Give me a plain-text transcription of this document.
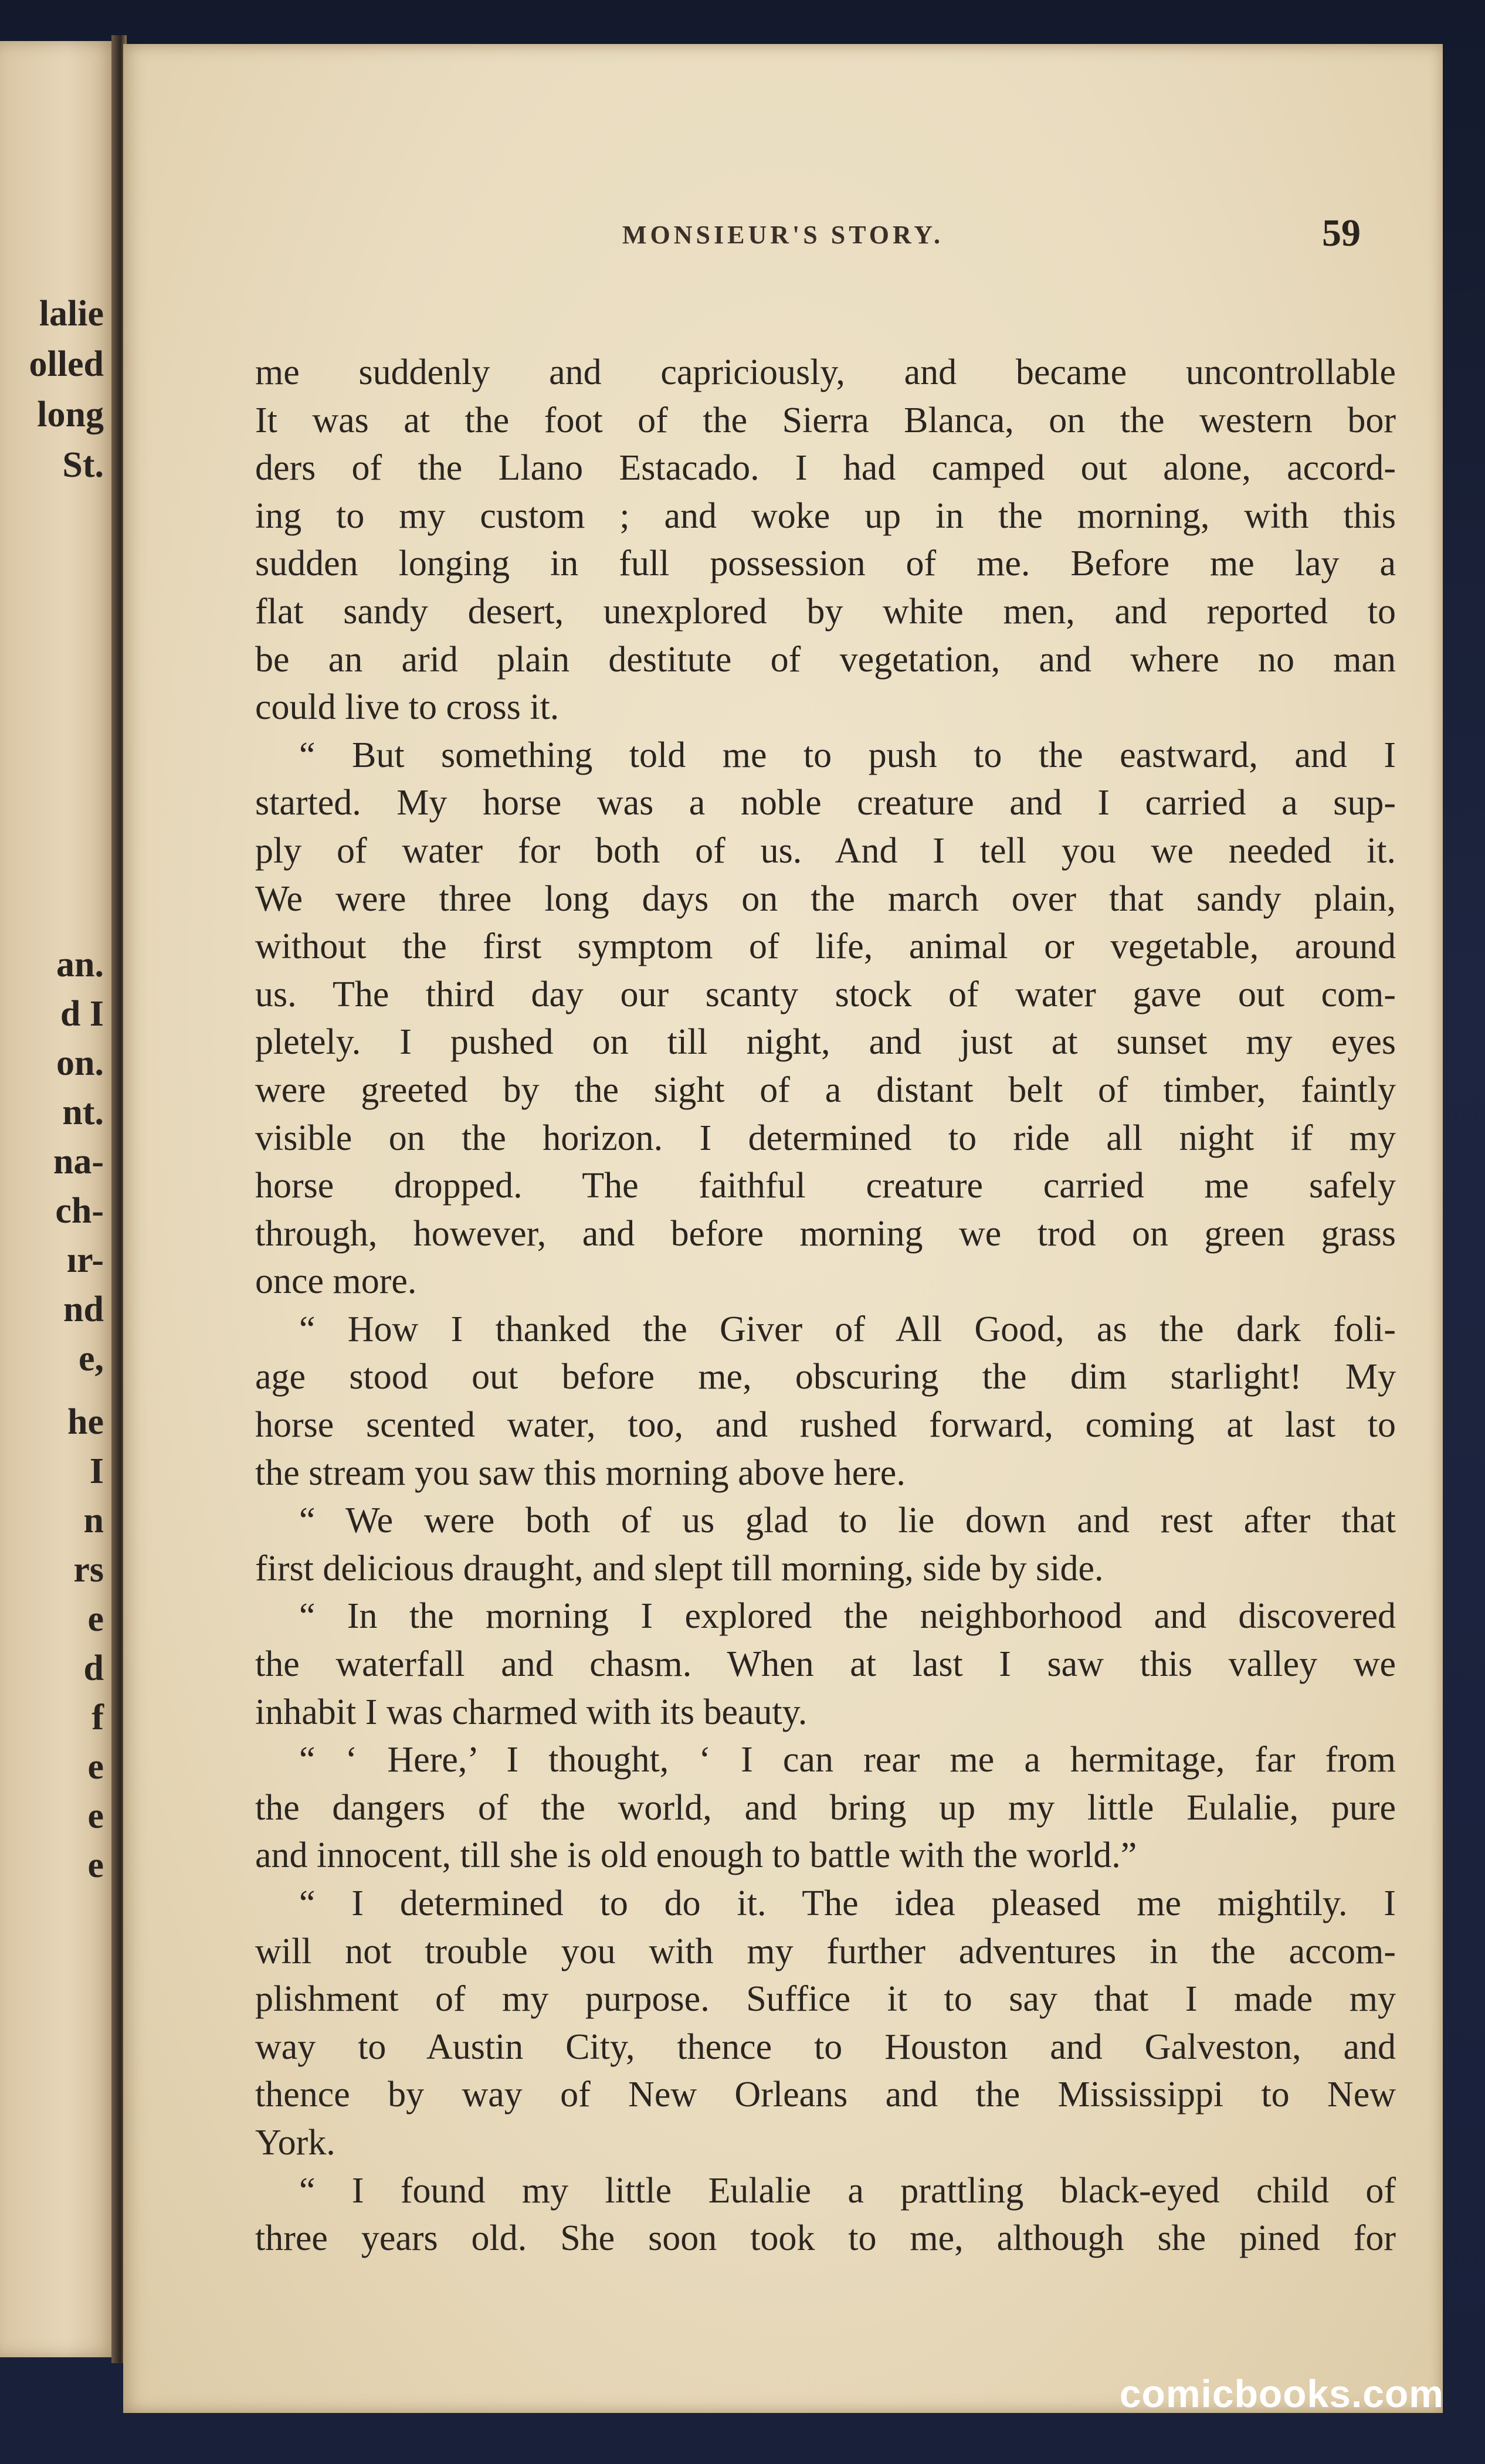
lalie
olled
long
St.
an.
d I
on.
nt.
na-
ch-
ır-
nd
e,
he
I
n
rs
e
d
f
e
e
e
MONSIEUR'S STORY.	59
me suddenly and capriciously, and became uncontrollable
It was at the foot of the Sierra Blanca, on the western bor
ders of the Llano Estacado. I had camped out alone, accord-
ing to my custom ; and woke up in the morning, with this
sudden longing in full possession of me. Before me lay a
flat sandy desert, unexplored by white men, and reported to
be an arid plain destitute of vegetation, and where no man
could live to cross it.
“ But something told me to push to the eastward, and I
started. My horse was a noble creature and I carried a sup-
ply of water for both of us. And I tell you we needed it.
We were three long days on the march over that sandy plain,
without the first symptom of life, animal or vegetable, around
us. The third day our scanty stock of water gave out com-
pletely. I pushed on till night, and just at sunset my eyes
were greeted by the sight of a distant belt of timber, faintly
visible on the horizon. I determined to ride all night if my
horse dropped. The faithful creature carried me safely
through, however, and before morning we trod on green grass
once more.
“ How I thanked the Giver of All Good, as the dark foli-
age stood out before me, obscuring the dim starlight! My
horse scented water, too, and rushed forward, coming at last to
the stream you saw this morning above here.
“ We were both of us glad to lie down and rest after that
first delicious draught, and slept till morning, side by side.
“ In the morning I explored the neighborhood and discovered
the waterfall and chasm. When at last I saw this valley we
inhabit I was charmed with its beauty.
“ ‘ Here,’ I thought, ‘ I can rear me a hermitage, far from
the dangers of the world, and bring up my little Eulalie, pure
and innocent, till she is old enough to battle with the world.”
“ I determined to do it. The idea pleased me mightily. I
will not trouble you with my further adventures in the accom-
plishment of my purpose. Suffice it to say that I made my
way to Austin City, thence to Houston and Galveston, and
thence by way of New Orleans and the Mississippi to New
York.
“ I found my little Eulalie a prattling black-eyed child of
three years old. She soon took to me, although she pined for
comicbooks.com
